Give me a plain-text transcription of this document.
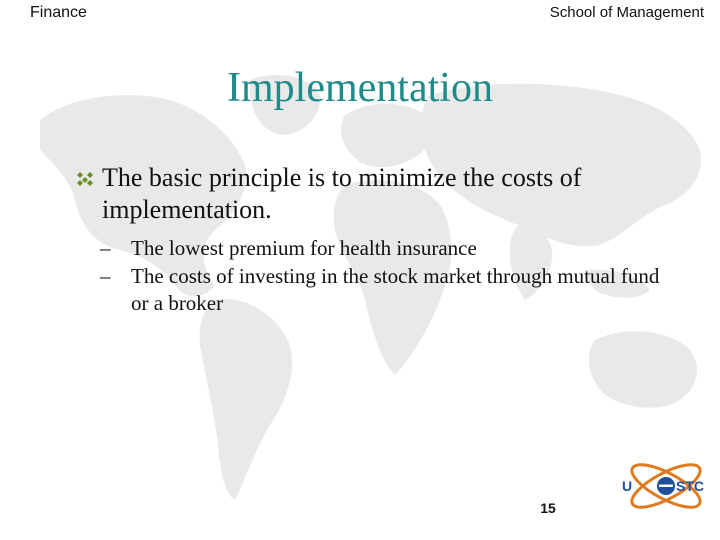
Finance	School of Management
Implementation
The basic principle is to minimize the costs of implementation.
– The lowest premium for health insurance
– The costs of investing in the stock market through mutual fund or a broker
15
U	STC
